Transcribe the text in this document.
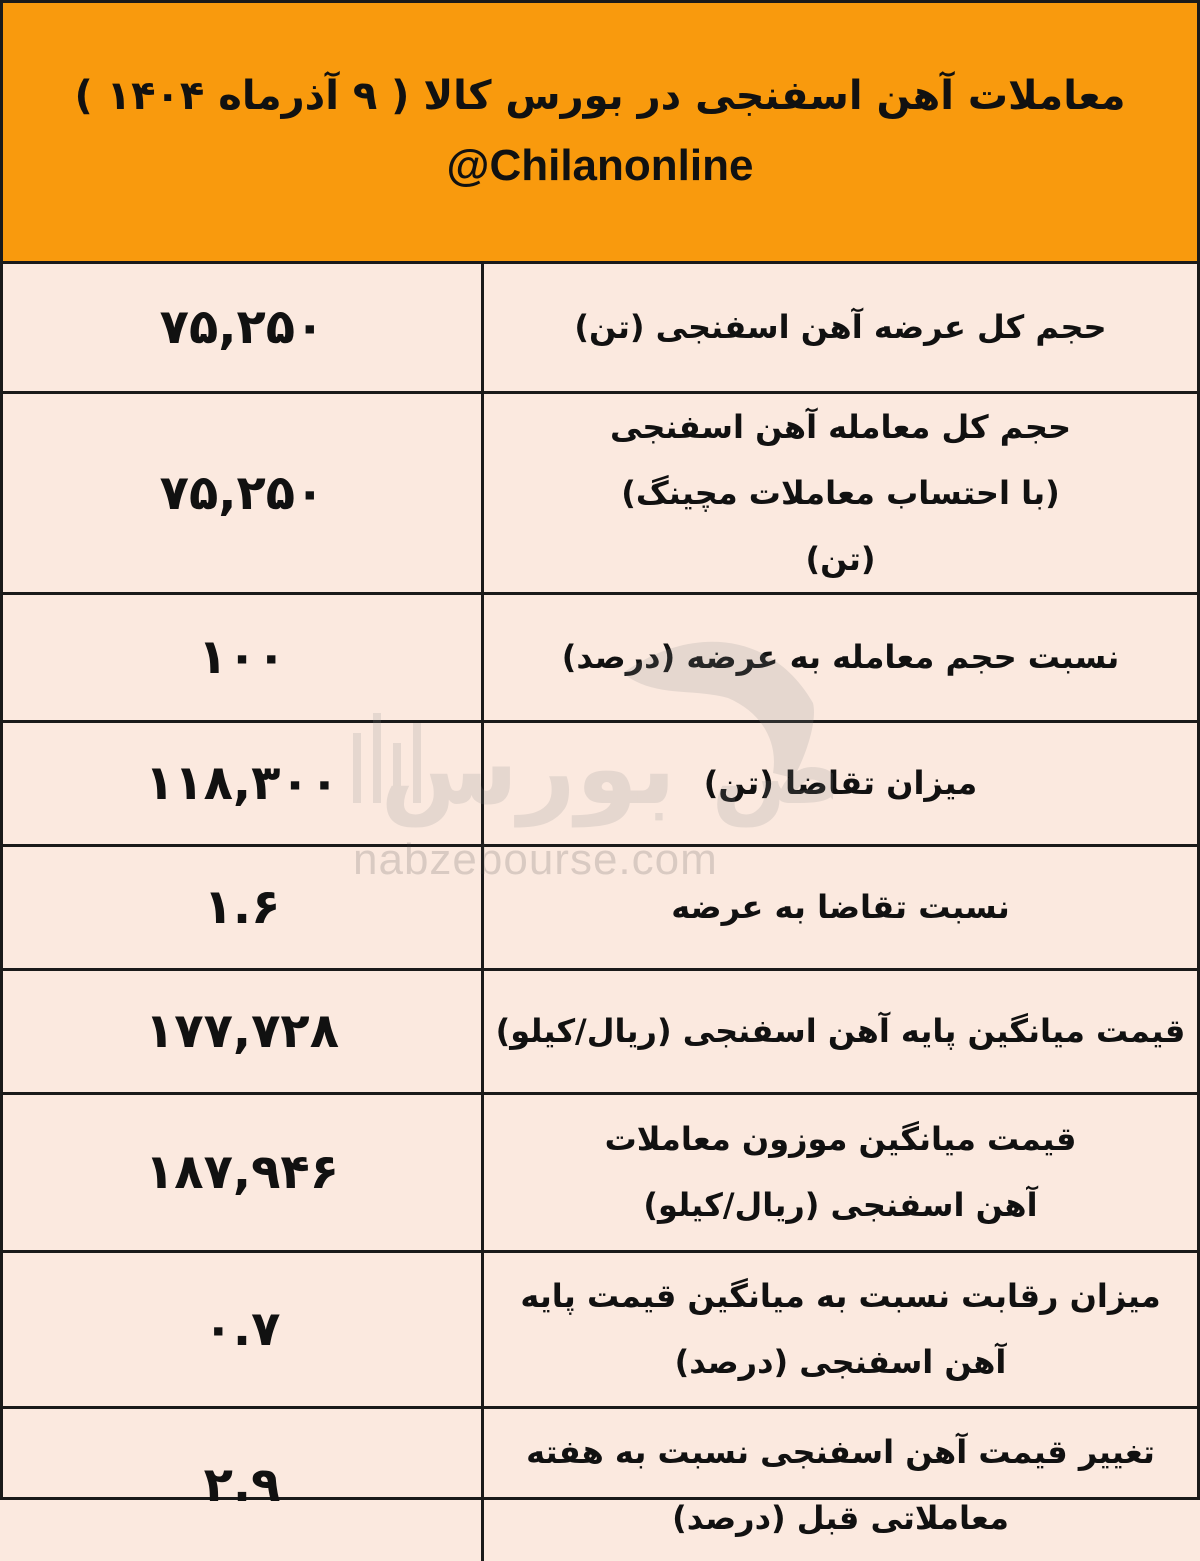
معاملات آهن اسفنجی در بورس کالا ( ۹ آذرماه ۱۴۰۴ )
@Chilanonline
۷۵,۲۵۰	حجم کل عرضه آهن اسفنجی (تن)
۷۵,۲۵۰	حجم کل معامله آهن اسفنجی (با احتساب معاملات مچینگ) (تن)
۱۰۰	نسبت حجم معامله به عرضه (درصد)
۱۱۸,۳۰۰	میزان تقاضا (تن)
۱.۶	نسبت تقاضا به عرضه
۱۷۷,۷۲۸	قیمت میانگین پایه آهن اسفنجی (ریال/کیلو)
۱۸۷,۹۴۶	قیمت میانگین موزون معاملات آهن اسفنجی (ریال/کیلو)
۰.۷	میزان رقابت نسبت به میانگین قیمت پایه آهن اسفنجی (درصد)
۲.۹	تغییر قیمت آهن اسفنجی نسبت به هفته معاملاتی قبل (درصد)
ض بورس
nabzebourse.com
